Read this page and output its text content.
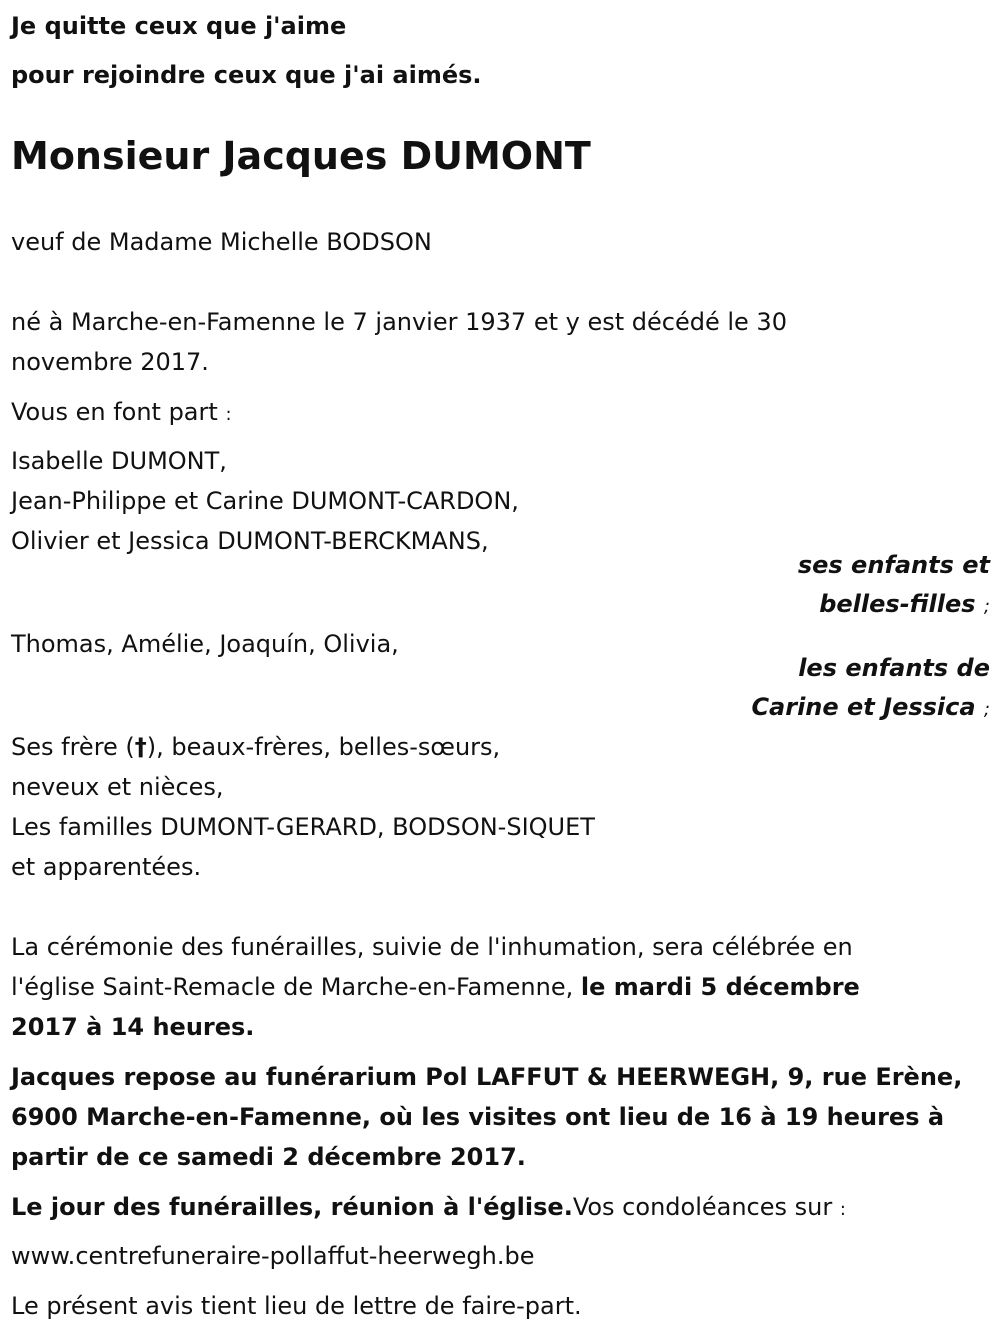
Je quitte ceux que j'aime
pour rejoindre ceux que j'ai aimés.
Monsieur Jacques DUMONT
veuf de Madame Michelle BODSON
né à Marche-en-Famenne le 7 janvier 1937 et y est décédé le 30
novembre 2017.
Vous en font part :
Isabelle DUMONT,
Jean-Philippe et Carine DUMONT-CARDON,
Olivier et Jessica DUMONT-BERCKMANS,
ses enfants et
belles-filles ;
Thomas, Amélie, Joaquín, Olivia,
les enfants de
Carine et Jessica ;
Ses frère (†), beaux-frères, belles-sœurs,
neveux et nièces,
Les familles DUMONT-GERARD, BODSON-SIQUET
et apparentées.
La cérémonie des funérailles, suivie de l'inhumation, sera célébrée en
l'église Saint-Remacle de Marche-en-Famenne, le mardi 5 décembre
2017 à 14 heures.
Jacques repose au funérarium Pol LAFFUT & HEERWEGH, 9, rue Erène,
6900 Marche-en-Famenne, où les visites ont lieu de 16 à 19 heures à
partir de ce samedi 2 décembre 2017.
Le jour des funérailles, réunion à l'église.Vos condoléances sur :
www.centrefuneraire-pollaffut-heerwegh.be
Le présent avis tient lieu de lettre de faire-part.
